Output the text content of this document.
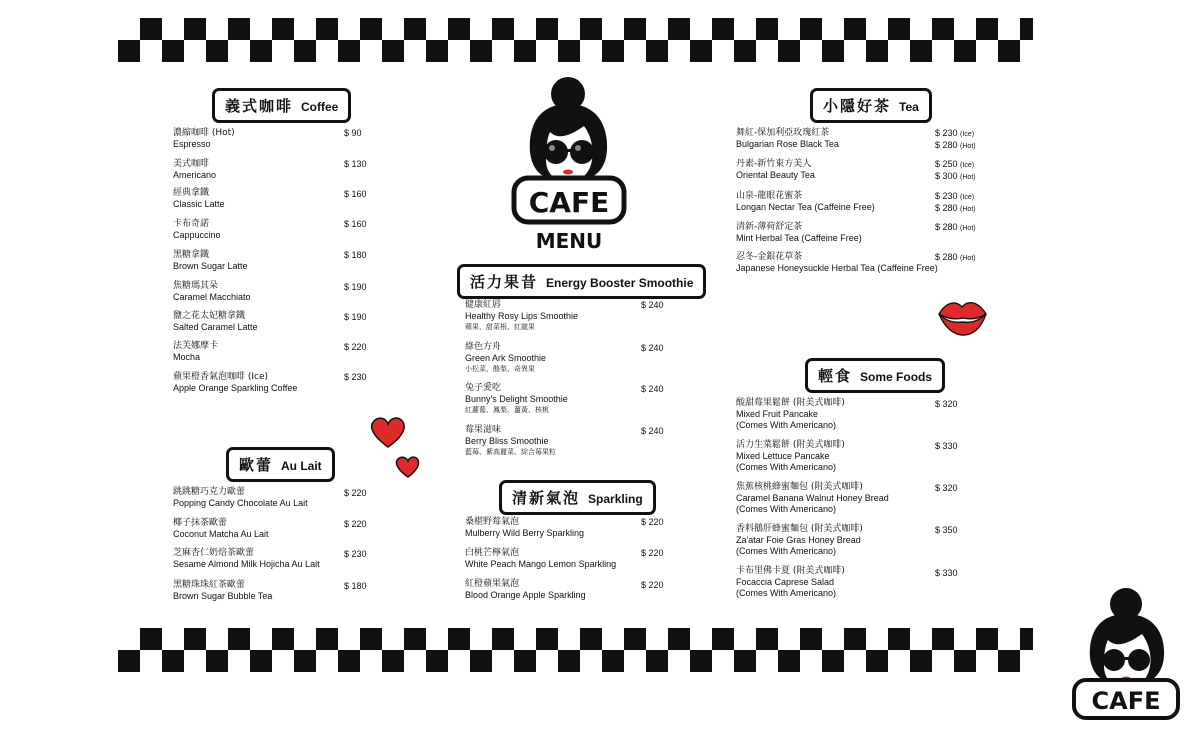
義式咖啡 Coffee
濃縮咖啡 (Hot)
Espresso
$ 90
美式咖啡
Americano
$ 130
經典拿鐵
Classic Latte
$ 160
卡布奇諾
Cappuccino
$ 160
黑糖拿鐵
Brown Sugar Latte
$ 180
焦糖瑪其朵
Caramel Macchiato
$ 190
鹽之花太妃糖拿鐵
Salted Caramel Latte
$ 190
法芙娜摩卡
Mocha
$ 220
蘋果橙香氣泡咖啡 (Ice)
Apple Orange Sparkling Coffee
$ 230
歐蕾 Au Lait
跳跳糖巧克力歐蕾
Popping Candy Chocolate Au Lait
$ 220
椰子抹茶歐蕾
Coconut Matcha Au Lait
$ 220
芝麻杏仁奶焙茶歐蕾
Sesame Almond Milk Hojicha Au Lait
$ 230
黑糖珠珠紅茶歐蕾
Brown Sugar Bubble Tea
$ 180
CAFE
MENU
活力果昔 Energy Booster Smoothie
健康紅唇
Healthy Rosy Lips Smoothie
蘋果、甜菜根、紅龍果
$ 240
綠色方舟
Green Ark Smoothie
小松菜、酪梨、奇異果
$ 240
兔子愛吃
Bunny's Delight Smoothie
紅蘿蔔、鳳梨、薑黃、核桃
$ 240
莓果滋味
Berry Bliss Smoothie
藍莓、紫高麗菜、綜合莓果粒
$ 240
清新氣泡 Sparkling
桑椹野莓氣泡
Mulberry Wild Berry Sparkling
$ 220
白桃芒檸氣泡
White Peach Mango Lemon Sparkling
$ 220
紅橙蘋果氣泡
Blood Orange Apple Sparkling
$ 220
小隱好茶 Tea
舞紅-保加利亞玫瑰紅茶
Bulgarian Rose Black Tea
$ 230 (Ice)
$ 280 (Hot)
丹素-新竹東方美人
Oriental Beauty Tea
$ 250 (Ice)
$ 300 (Hot)
山泉-龍眼花蜜茶
Longan Nectar Tea (Caffeine Free)
$ 230 (Ice)
$ 280 (Hot)
清新-薄荷舒定茶
Mint Herbal Tea (Caffeine Free)
$ 280 (Hot)
忍冬-金銀花草茶
Japanese Honeysuckle Herbal Tea (Caffeine Free)
$ 280 (Hot)
輕食 Some Foods
酸甜莓果鬆餅 (附美式咖啡)
Mixed Fruit Pancake
(Comes With Americano)
$ 320
活力生菜鬆餅 (附美式咖啡)
Mixed Lettuce Pancake
(Comes With Americano)
$ 330
焦蕉核桃蜂蜜麵包 (附美式咖啡)
Caramel Banana Walnut Honey Bread
(Comes With Americano)
$ 320
香料鵝肝蜂蜜麵包 (附美式咖啡)
Za'atar Foie Gras Honey Bread
(Comes With Americano)
$ 350
卡布里佛卡夏 (附美式咖啡)
Focaccia Caprese Salad
(Comes With Americano)
$ 330
CAFE
